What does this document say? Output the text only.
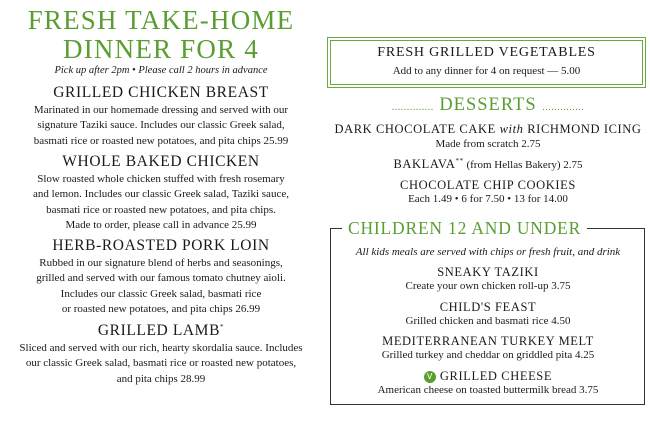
FRESH TAKE-HOME
DINNER FOR 4
Pick up after 2pm • Please call 2 hours in advance
GRILLED CHICKEN BREAST
Marinated in our homemade dressing and served with our
signature Taziki sauce. Includes our classic Greek salad,
basmati rice or roasted new potatoes, and pita chips 25.99
WHOLE BAKED CHICKEN
Slow roasted whole chicken stuffed with fresh rosemary
and lemon. Includes our classic Greek salad, Taziki sauce,
basmati rice or roasted new potatoes, and pita chips.
Made to order, please call in advance 25.99
HERB-ROASTED PORK LOIN
Rubbed in our signature blend of herbs and seasonings,
grilled and served with our famous tomato chutney aioli.
Includes our classic Greek salad, basmati rice
or roasted new potatoes, and pita chips 26.99
GRILLED LAMB*
Sliced and served with our rich, hearty skordalia sauce. Includes
our classic Greek salad, basmati rice or roasted new potatoes,
and pita chips 28.99
FRESH GRILLED VEGETABLES
Add to any dinner for 4 on request — 5.00
.............. DESSERTS ..............
DARK CHOCOLATE CAKE with RICHMOND ICING
Made from scratch 2.75
BAKLAVA** (from Hellas Bakery) 2.75
CHOCOLATE CHIP COOKIES
Each 1.49 • 6 for 7.50 • 13 for 14.00
CHILDREN 12 AND UNDER
All kids meals are served with chips or fresh fruit, and drink
SNEAKY TAZIKI
Create your own chicken roll-up 3.75
CHILD'S FEAST
Grilled chicken and basmati rice 4.50
MEDITERRANEAN TURKEY MELT
Grilled turkey and cheddar on griddled pita 4.25
V GRILLED CHEESE
American cheese on toasted buttermilk bread 3.75
